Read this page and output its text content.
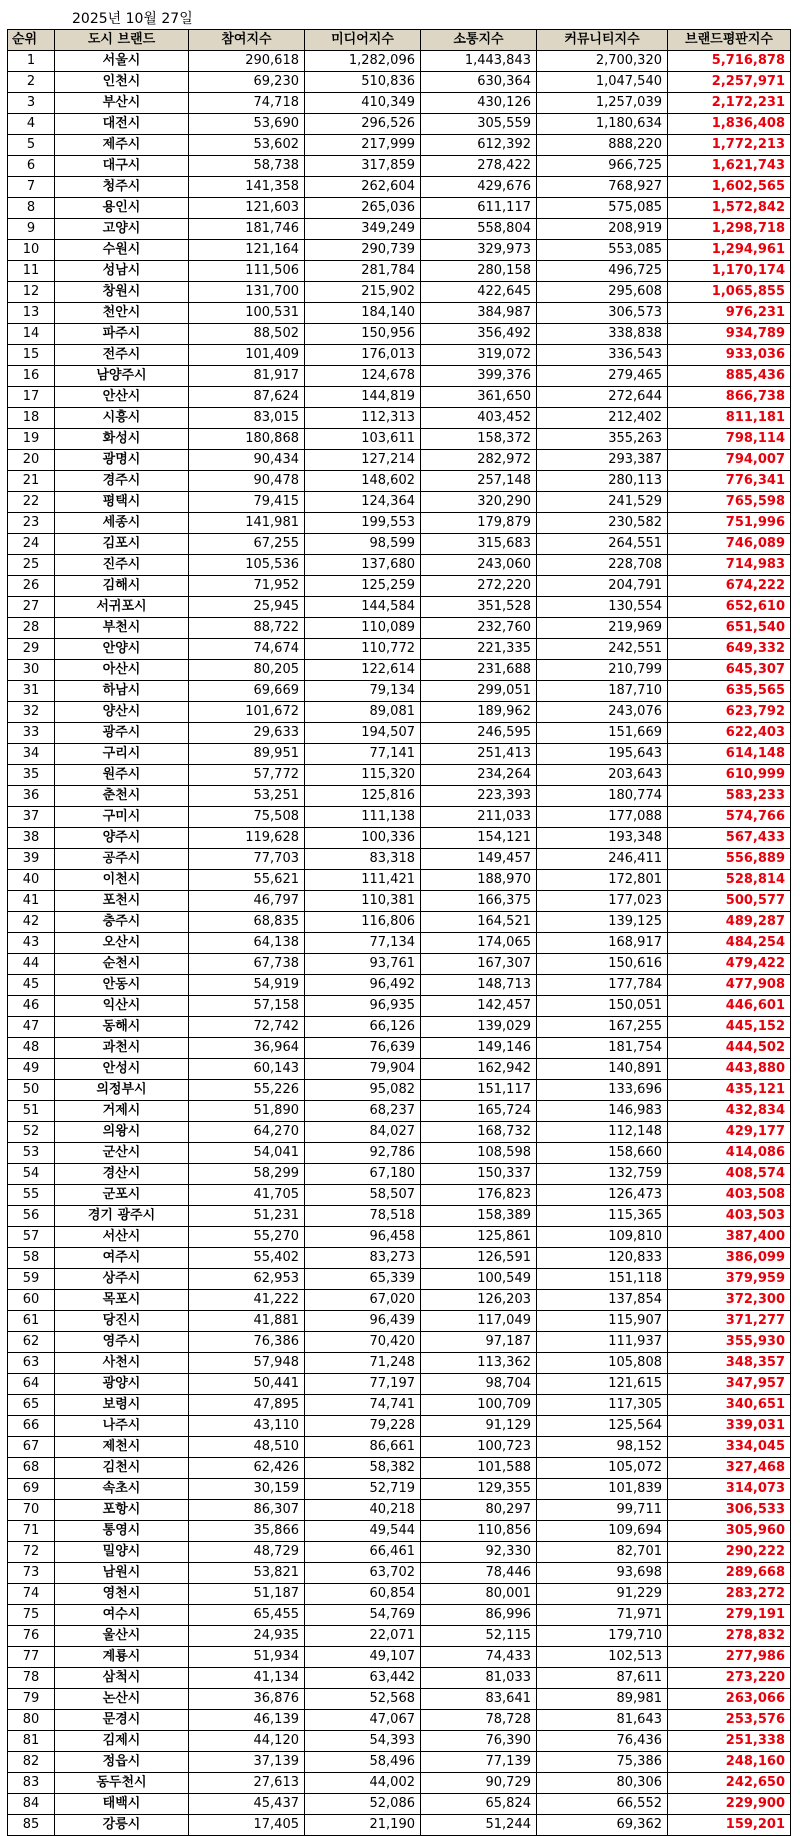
2025년 10월 27일
순위	도시 브랜드	참여지수	미디어지수	소통지수	커뮤니티지수	브랜드평판지수
1	서울시	290,618	1,282,096	1,443,843	2,700,320	5,716,878
2	인천시	69,230	510,836	630,364	1,047,540	2,257,971
3	부산시	74,718	410,349	430,126	1,257,039	2,172,231
4	대전시	53,690	296,526	305,559	1,180,634	1,836,408
5	제주시	53,602	217,999	612,392	888,220	1,772,213
6	대구시	58,738	317,859	278,422	966,725	1,621,743
7	청주시	141,358	262,604	429,676	768,927	1,602,565
8	용인시	121,603	265,036	611,117	575,085	1,572,842
9	고양시	181,746	349,249	558,804	208,919	1,298,718
10	수원시	121,164	290,739	329,973	553,085	1,294,961
11	성남시	111,506	281,784	280,158	496,725	1,170,174
12	창원시	131,700	215,902	422,645	295,608	1,065,855
13	천안시	100,531	184,140	384,987	306,573	976,231
14	파주시	88,502	150,956	356,492	338,838	934,789
15	전주시	101,409	176,013	319,072	336,543	933,036
16	남양주시	81,917	124,678	399,376	279,465	885,436
17	안산시	87,624	144,819	361,650	272,644	866,738
18	시흥시	83,015	112,313	403,452	212,402	811,181
19	화성시	180,868	103,611	158,372	355,263	798,114
20	광명시	90,434	127,214	282,972	293,387	794,007
21	경주시	90,478	148,602	257,148	280,113	776,341
22	평택시	79,415	124,364	320,290	241,529	765,598
23	세종시	141,981	199,553	179,879	230,582	751,996
24	김포시	67,255	98,599	315,683	264,551	746,089
25	진주시	105,536	137,680	243,060	228,708	714,983
26	김해시	71,952	125,259	272,220	204,791	674,222
27	서귀포시	25,945	144,584	351,528	130,554	652,610
28	부천시	88,722	110,089	232,760	219,969	651,540
29	안양시	74,674	110,772	221,335	242,551	649,332
30	아산시	80,205	122,614	231,688	210,799	645,307
31	하남시	69,669	79,134	299,051	187,710	635,565
32	양산시	101,672	89,081	189,962	243,076	623,792
33	광주시	29,633	194,507	246,595	151,669	622,403
34	구리시	89,951	77,141	251,413	195,643	614,148
35	원주시	57,772	115,320	234,264	203,643	610,999
36	춘천시	53,251	125,816	223,393	180,774	583,233
37	구미시	75,508	111,138	211,033	177,088	574,766
38	양주시	119,628	100,336	154,121	193,348	567,433
39	공주시	77,703	83,318	149,457	246,411	556,889
40	이천시	55,621	111,421	188,970	172,801	528,814
41	포천시	46,797	110,381	166,375	177,023	500,577
42	충주시	68,835	116,806	164,521	139,125	489,287
43	오산시	64,138	77,134	174,065	168,917	484,254
44	순천시	67,738	93,761	167,307	150,616	479,422
45	안동시	54,919	96,492	148,713	177,784	477,908
46	익산시	57,158	96,935	142,457	150,051	446,601
47	동해시	72,742	66,126	139,029	167,255	445,152
48	과천시	36,964	76,639	149,146	181,754	444,502
49	안성시	60,143	79,904	162,942	140,891	443,880
50	의정부시	55,226	95,082	151,117	133,696	435,121
51	거제시	51,890	68,237	165,724	146,983	432,834
52	의왕시	64,270	84,027	168,732	112,148	429,177
53	군산시	54,041	92,786	108,598	158,660	414,086
54	경산시	58,299	67,180	150,337	132,759	408,574
55	군포시	41,705	58,507	176,823	126,473	403,508
56	경기 광주시	51,231	78,518	158,389	115,365	403,503
57	서산시	55,270	96,458	125,861	109,810	387,400
58	여주시	55,402	83,273	126,591	120,833	386,099
59	상주시	62,953	65,339	100,549	151,118	379,959
60	목포시	41,222	67,020	126,203	137,854	372,300
61	당진시	41,881	96,439	117,049	115,907	371,277
62	영주시	76,386	70,420	97,187	111,937	355,930
63	사천시	57,948	71,248	113,362	105,808	348,357
64	광양시	50,441	77,197	98,704	121,615	347,957
65	보령시	47,895	74,741	100,709	117,305	340,651
66	나주시	43,110	79,228	91,129	125,564	339,031
67	제천시	48,510	86,661	100,723	98,152	334,045
68	김천시	62,426	58,382	101,588	105,072	327,468
69	속초시	30,159	52,719	129,355	101,839	314,073
70	포항시	86,307	40,218	80,297	99,711	306,533
71	통영시	35,866	49,544	110,856	109,694	305,960
72	밀양시	48,729	66,461	92,330	82,701	290,222
73	남원시	53,821	63,702	78,446	93,698	289,668
74	영천시	51,187	60,854	80,001	91,229	283,272
75	여수시	65,455	54,769	86,996	71,971	279,191
76	울산시	24,935	22,071	52,115	179,710	278,832
77	계룡시	51,934	49,107	74,433	102,513	277,986
78	삼척시	41,134	63,442	81,033	87,611	273,220
79	논산시	36,876	52,568	83,641	89,981	263,066
80	문경시	46,139	47,067	78,728	81,643	253,576
81	김제시	44,120	54,393	76,390	76,436	251,338
82	정읍시	37,139	58,496	77,139	75,386	248,160
83	동두천시	27,613	44,002	90,729	80,306	242,650
84	태백시	45,437	52,086	65,824	66,552	229,900
85	강릉시	17,405	21,190	51,244	69,362	159,201
